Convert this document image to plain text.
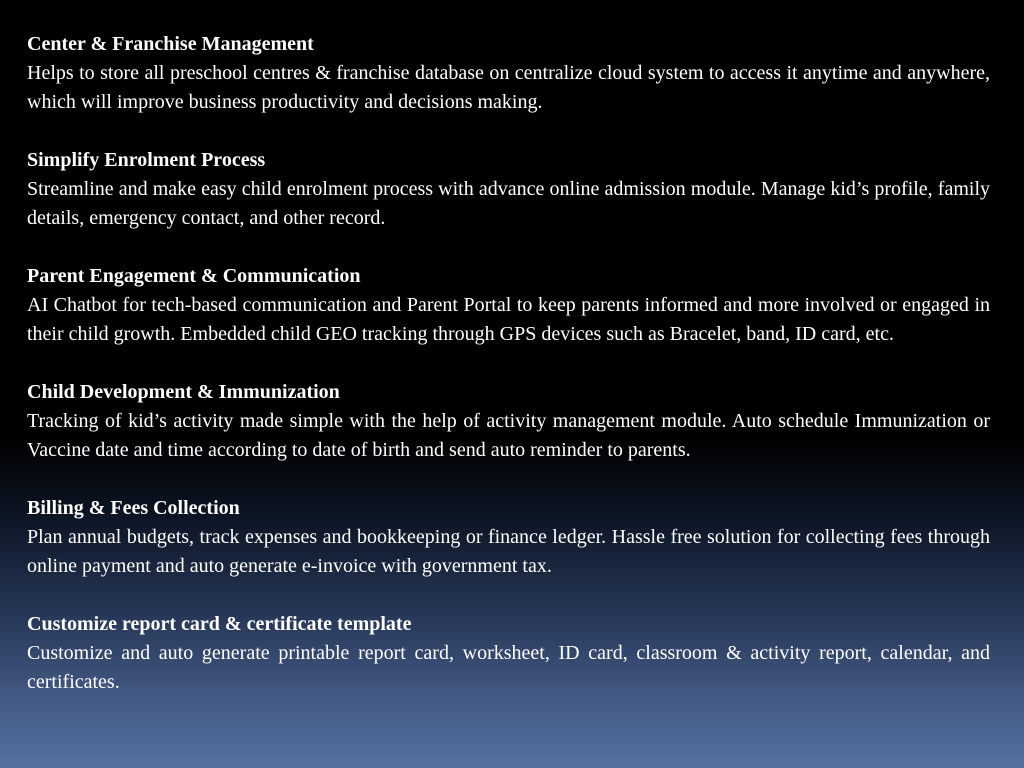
Center & Franchise Management

Helps to store all preschool centres & franchise database on centralize cloud system to access it anytime and anywhere, which will improve business productivity and decisions making.

Simplify Enrolment Process

Streamline and make easy child enrolment process with advance online admission module. Manage kid’s profile, family details, emergency contact, and other record.

Parent Engagement & Communication

AI Chatbot for tech-based communication and Parent Portal to keep parents informed and more involved or engaged in their child growth. Embedded child GEO tracking through GPS devices such as Bracelet, band, ID card, etc.

Child Development & Immunization

Tracking of kid’s activity made simple with the help of activity management module. Auto schedule Immunization or Vaccine date and time according to date of birth and send auto reminder to parents.

Billing & Fees Collection

Plan annual budgets, track expenses and bookkeeping or finance ledger. Hassle free solution for collecting fees through online payment and auto generate e-invoice with government tax.

Customize report card & certificate template

Customize and auto generate printable report card, worksheet, ID card, classroom & activity report, calendar, and certificates.
